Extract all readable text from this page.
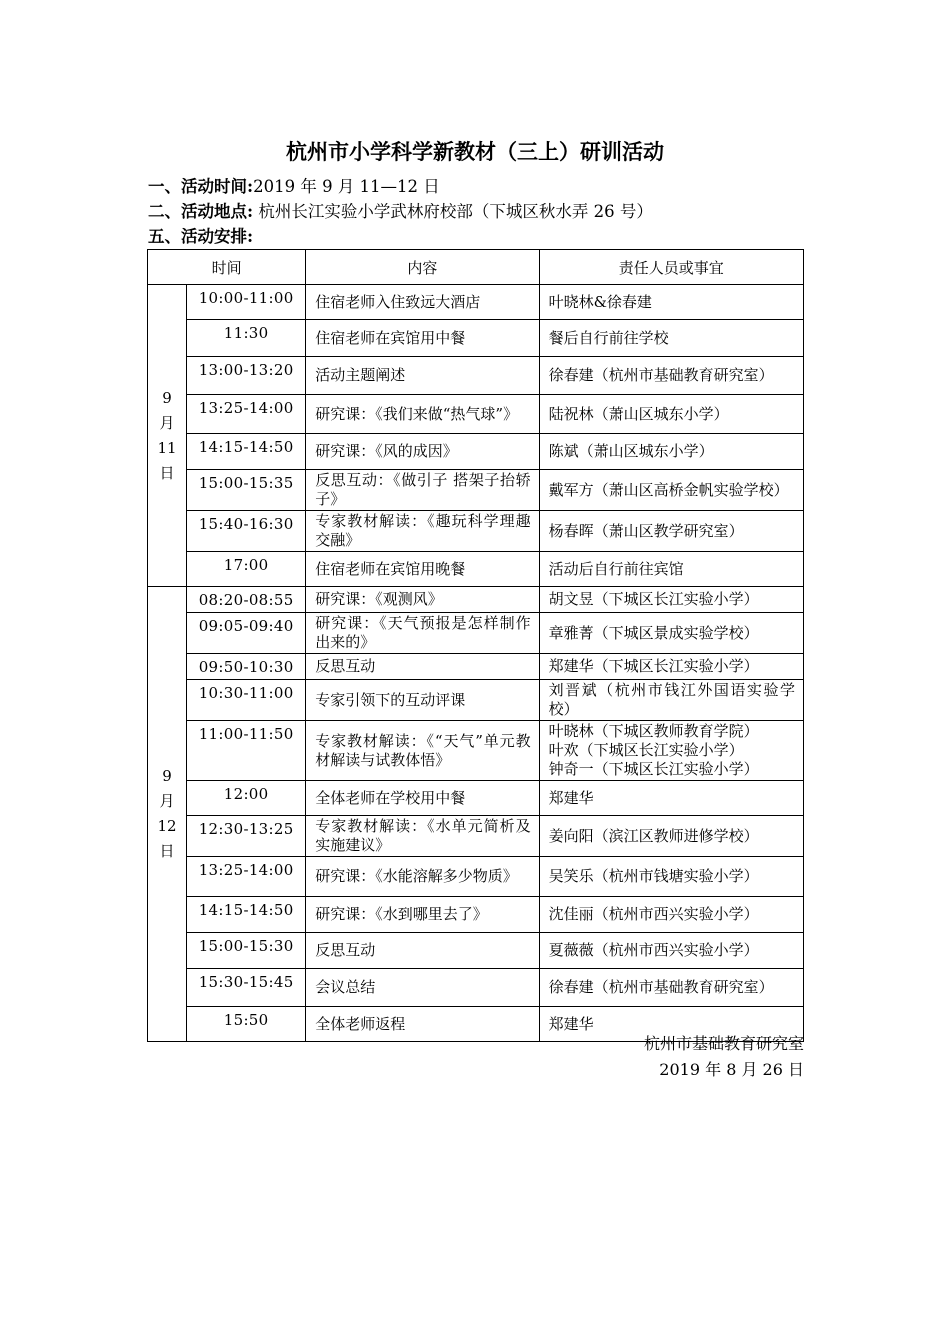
杭州市小学科学新教材（三上）研训活动
一、活动时间:2019 年 9 月 11—12 日
二、活动地点: 杭州长江实验小学武林府校部（下城区秋水弄 26 号）
五、活动安排:
时间		内容	责任人员或事宜

9
月
11
日	10:00-11:00	住宿老师入住致远大酒店	叶晓林&徐春建
	11:30	住宿老师在宾馆用中餐	餐后自行前往学校
	13:00-13:20	活动主题阐述	徐春建（杭州市基础教育研究室）
	13:25-14:00	研究课：《我们来做“热气球”》	陆祝林（萧山区城东小学）
	14:15-14:50	研究课：《风的成因》	陈斌（萧山区城东小学）
	15:00-15:35	反思互动：《做引子 搭架子抬轿子》	戴军方（萧山区高桥金帆实验学校）
	15:40-16:30	专家教材解读：《趣玩科学理趣交融》	杨春晖（萧山区教学研究室）
	17:00	住宿老师在宾馆用晚餐	活动后自行前往宾馆

9
月
12
日	08:20-08:55	研究课：《观测风》	胡文昱（下城区长江实验小学）
	09:05-09:40	研究课：《天气预报是怎样制作出来的》	章雅菁（下城区景成实验学校）
	09:50-10:30	反思互动	郑建华（下城区长江实验小学）
	10:30-11:00	专家引领下的互动评课	刘晋斌（杭州市钱江外国语实验学校）
	11:00-11:50	专家教材解读：《“天气”单元教材解读与试教体悟》	叶晓林（下城区教师教育学院）
叶欢（下城区长江实验小学）
钟奇一（下城区长江实验小学）

	12:00	全体老师在学校用中餐	郑建华
	12:30-13:25	专家教材解读：《水单元简析及实施建议》	姜向阳（滨江区教师进修学校）
	13:25-14:00	研究课：《水能溶解多少物质》	吴笑乐（杭州市钱塘实验小学）
	14:15-14:50	研究课：《水到哪里去了》	沈佳丽（杭州市西兴实验小学）
	15:00-15:30	反思互动	夏薇薇（杭州市西兴实验小学）
	15:30-15:45	会议总结	徐春建（杭州市基础教育研究室）
	15:50	全体老师返程	郑建华
杭州市基础教育研究室
2019 年 8 月 26 日
